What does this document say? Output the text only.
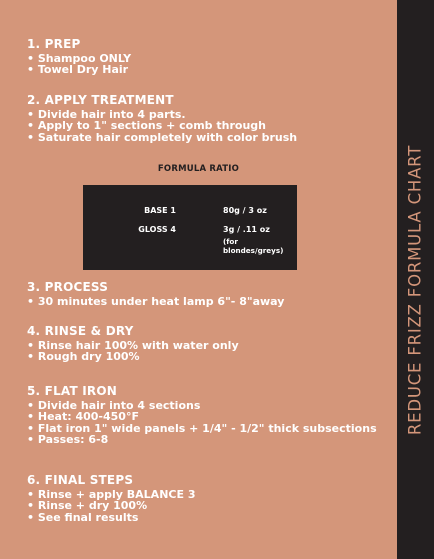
1. PREP
• Shampoo ONLY
• Towel Dry Hair
2. APPLY TREATMENT
• Divide hair into 4 parts.
• Apply to 1" sections + comb through
• Saturate hair completely with color brush
FORMULA RATIO
BASE 1	80g / 3 oz
GLOSS 4	3g / .11 oz
(for blondes/greys)
3. PROCESS
• 30 minutes under heat lamp 6"- 8"away
4. RINSE & DRY
• Rinse hair 100% with water only
• Rough dry 100%
5. FLAT IRON
• Divide hair into 4 sections
• Heat: 400-450°F
• Flat iron 1" wide panels + 1/4" - 1/2" thick subsections
• Passes: 6-8
6. FINAL STEPS
• Rinse + apply BALANCE 3
• Rinse + dry 100%
• See final results
REDUCE FRIZZ FORMULA CHART
